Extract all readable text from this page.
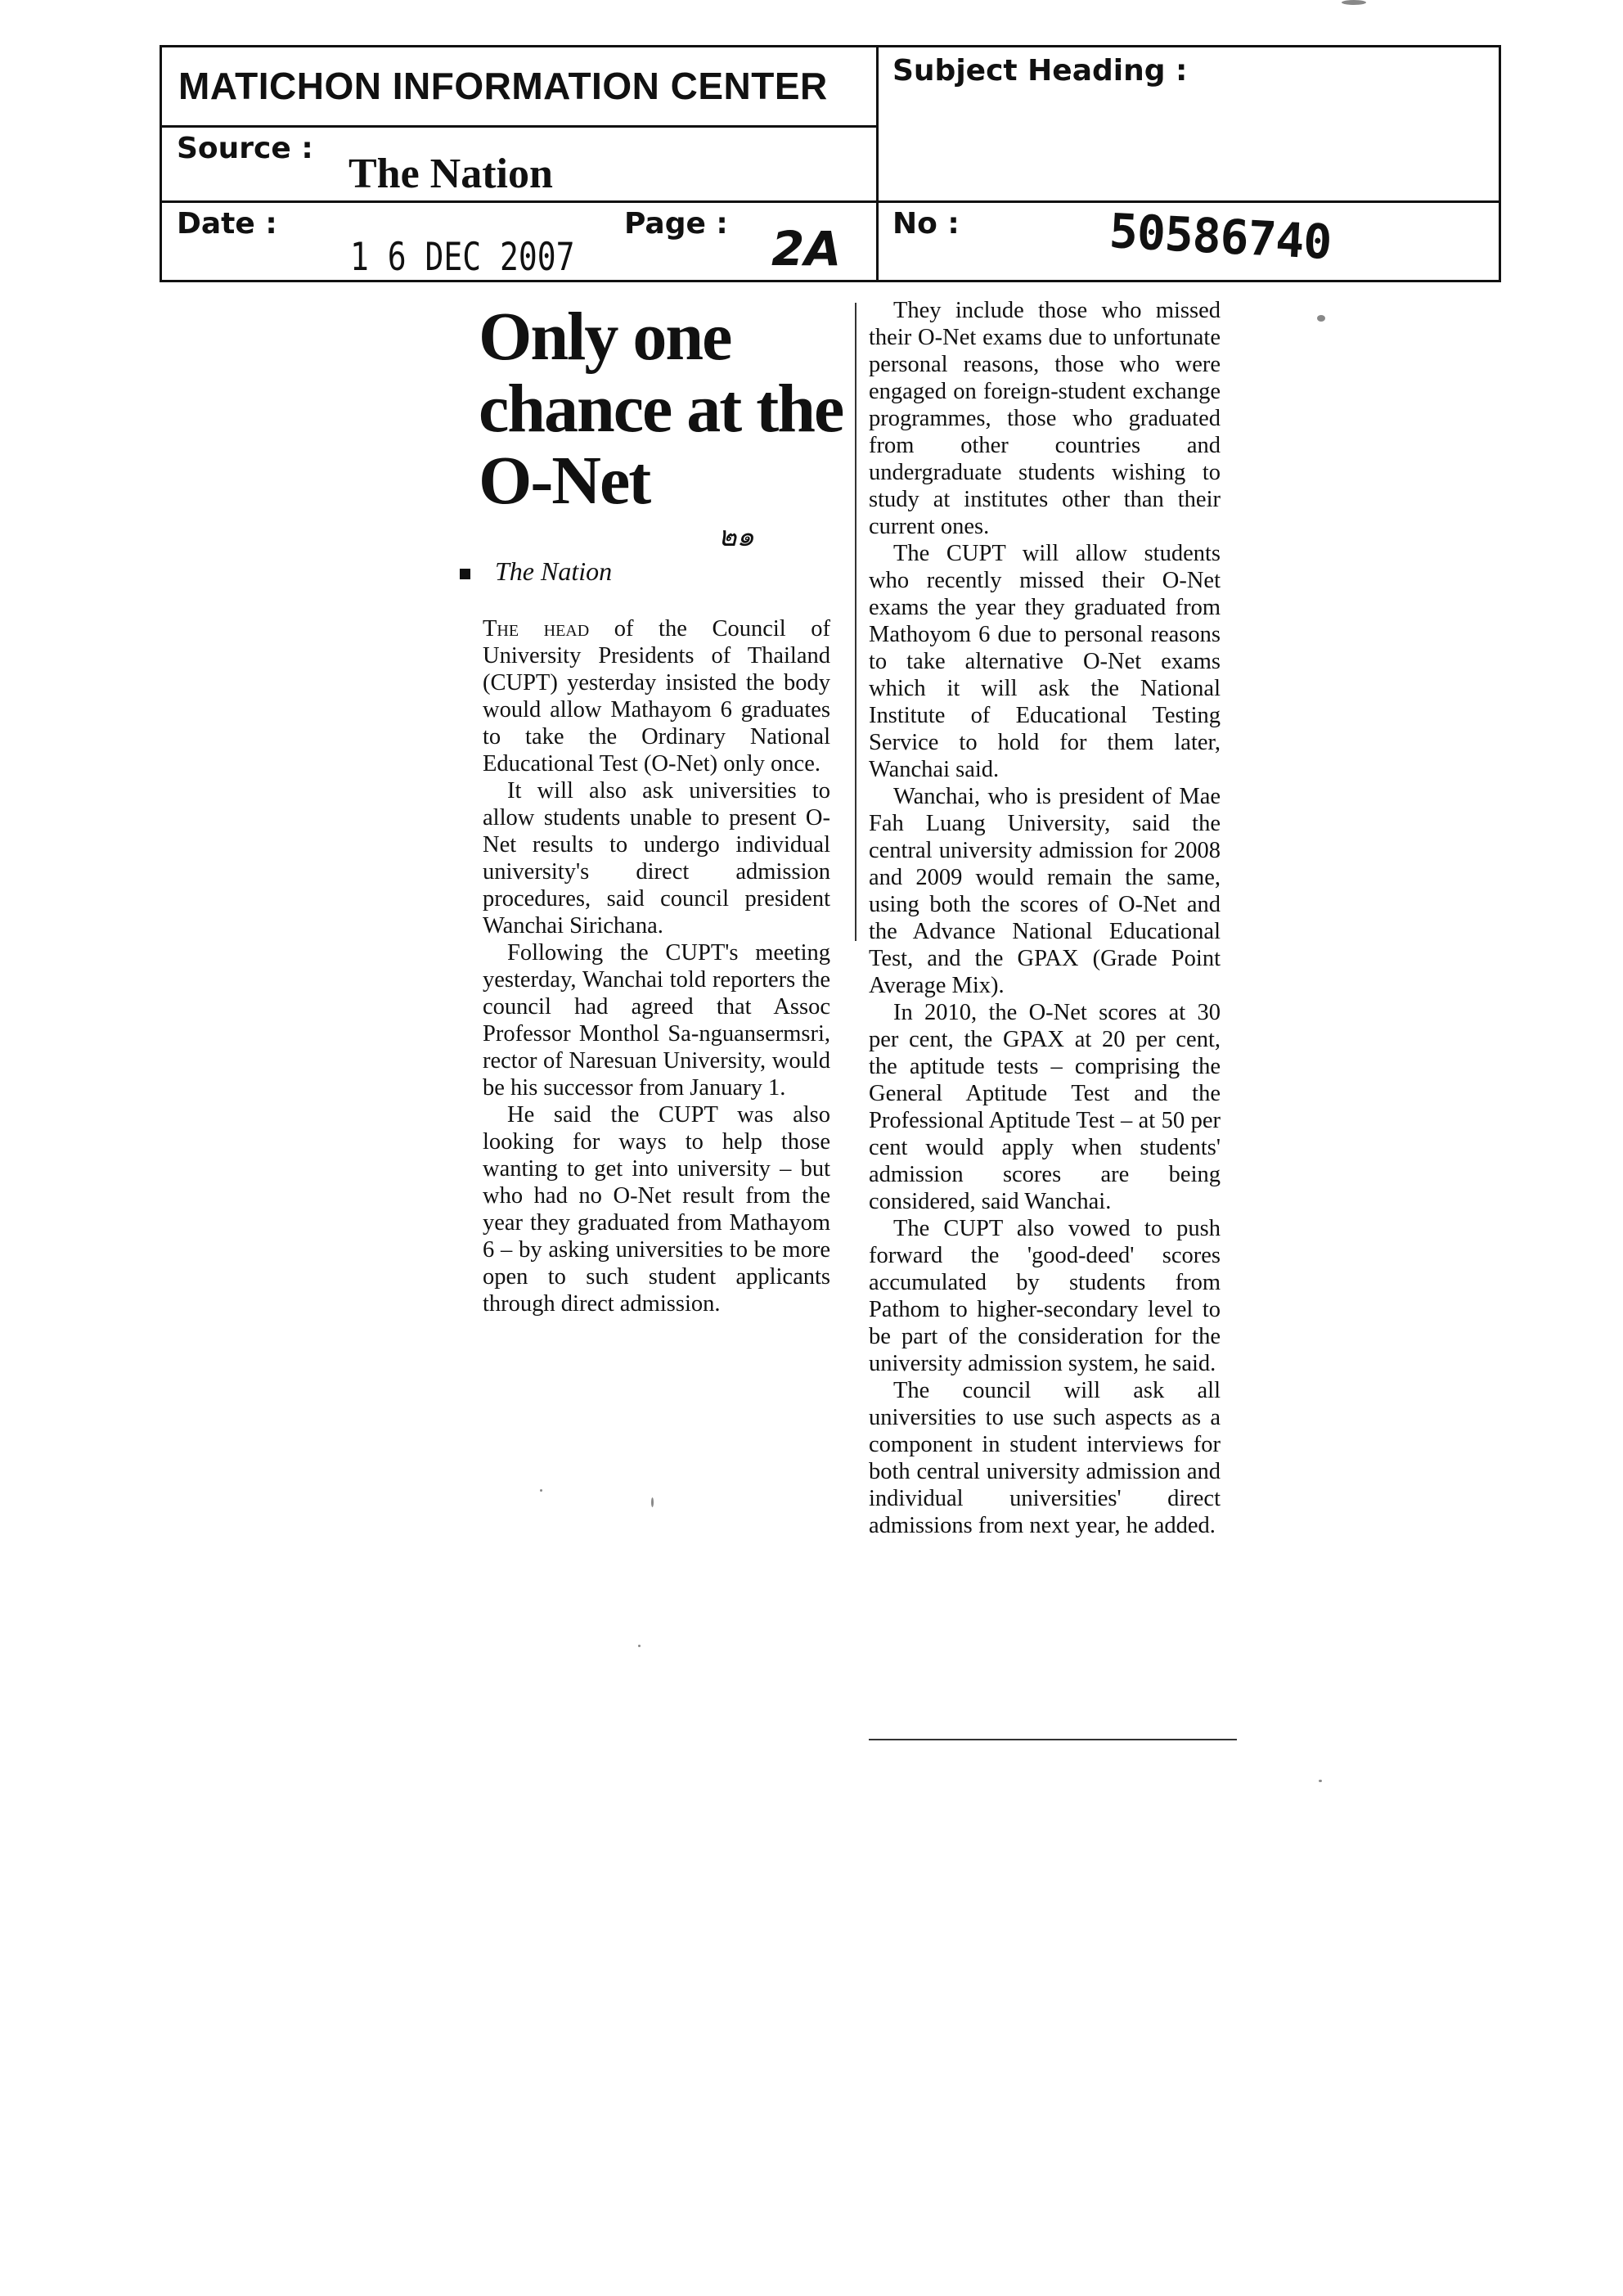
MATICHON INFORMATION CENTER Subject Heading :
Source :
The Nation
Date :
1 6 DEC 2007
Page : 2A No :	50586740
Only one chance at the O-Net
๒๑
The Nation

The head of the Council of University Presidents of Thailand (CUPT) yesterday insisted the body would allow Mathayom 6 graduates to take the Ordinary National Educational Test (O-Net) only once.

It will also ask universities to allow students unable to present O-Net results to undergo individual university's direct admission procedures, said council president Wanchai Sirichana.

Following the CUPT's meeting yesterday, Wanchai told reporters the council had agreed that Assoc Professor Monthol Sa-nguansermsri, rector of Naresuan University, would be his successor from January 1.

He said the CUPT was also looking for ways to help those wanting to get into university – but who had no O-Net result from the year they graduated from Mathayom 6 – by asking universities to be more open to such student applicants through direct admission.

They include those who missed their O-Net exams due to unfortunate personal reasons, those who were engaged on foreign-student exchange programmes, those who graduated from other countries and undergraduate students wishing to study at institutes other than their current ones.

The CUPT will allow students who recently missed their O-Net exams the year they graduated from Mathoyom 6 due to personal reasons to take alternative O-Net exams which it will ask the National Institute of Educational Testing Service to hold for them later, Wanchai said.

Wanchai, who is president of Mae Fah Luang University, said the central university admission for 2008 and 2009 would remain the same, using both the scores of O-Net and the Advance National Educational Test, and the GPAX (Grade Point Average Mix).

In 2010, the O-Net scores at 30 per cent, the GPAX at 20 per cent, the aptitude tests – comprising the General Aptitude Test and the Professional Aptitude Test – at 50 per cent would apply when students' admission scores are being considered, said Wanchai.

The CUPT also vowed to push forward the 'good-deed' scores accumulated by students from Pathom to higher-secondary level to be part of the consideration for the university admission system, he said.

The council will ask all universities to use such aspects as a component in student interviews for both central university admission and individual universities' direct admissions from next year, he added.
